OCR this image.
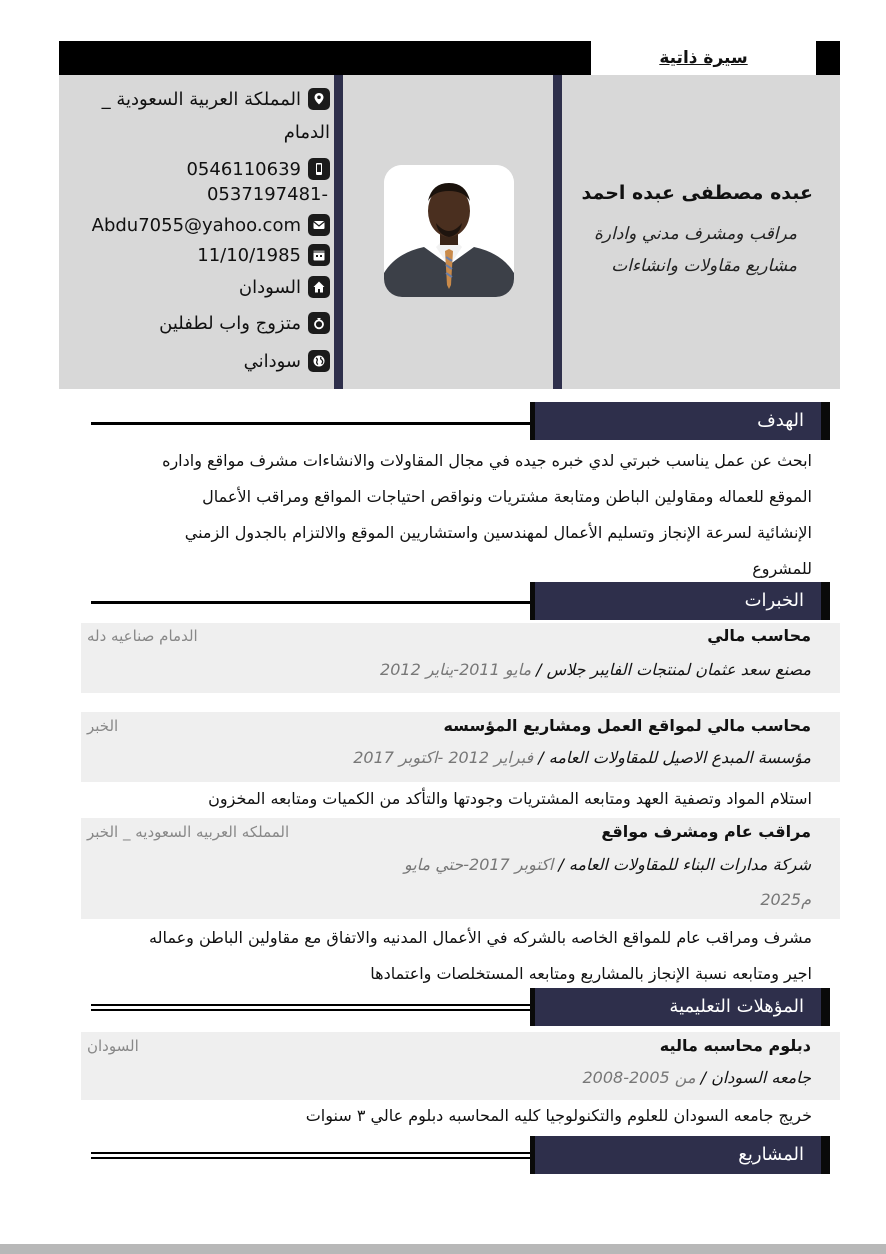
سيرة ذاتية
عبده مصطفى عبده احمد
مراقب ومشرف مدني وادارة
مشاريع مقاولات وانشاءات
المملكة العربية السعودية _
الدمام
0546110639
0537197481-
Abdu7055@yahoo.com
11/10/1985
السودان
متزوج واب لطفلين
سوداني
الهدف
ابحث عن عمل يناسب خبرتي لدي خبره جيده في مجال المقاولات والانشاءات مشرف مواقع واداره
الموقع للعماله ومقاولين الباطن ومتابعة مشتريات ونواقص احتياجات المواقع ومراقب الأعمال
الإنشائية لسرعة الإنجاز وتسليم الأعمال لمهندسين واستشاريين الموقع والالتزام بالجدول الزمني
للمشروع
الخبرات
محاسب مالي
الدمام صناعيه دله
مصنع سعد عثمان لمنتجات الفايبر جلاس / مايو 2011-يناير 2012
محاسب مالي لمواقع العمل ومشاريع المؤسسه
الخبر
مؤسسة المبدع الاصيل للمقاولات العامه / فبراير 2012 -اكتوبر 2017
استلام المواد وتصفية العهد ومتابعه المشتريات وجودتها والتأكد من الكميات ومتابعه المخزون
مراقب عام ومشرف مواقع
المملكه العربيه السعوديه _ الخبر
شركة مدارات البناء للمقاولات العامه / اكتوبر 2017-حتي مايو
2025م
مشرف ومراقب عام للمواقع الخاصه بالشركه في الأعمال المدنيه والاتفاق مع مقاولين الباطن وعماله
اجير ومتابعه نسبة الإنجاز بالمشاريع ومتابعه المستخلصات واعتمادها
المؤهلات التعليمية
دبلوم محاسبه ماليه
السودان
جامعه السودان / من 2005-2008
خريج جامعه السودان للعلوم والتكنولوجيا كليه المحاسبه دبلوم عالي ٣ سنوات
المشاريع
